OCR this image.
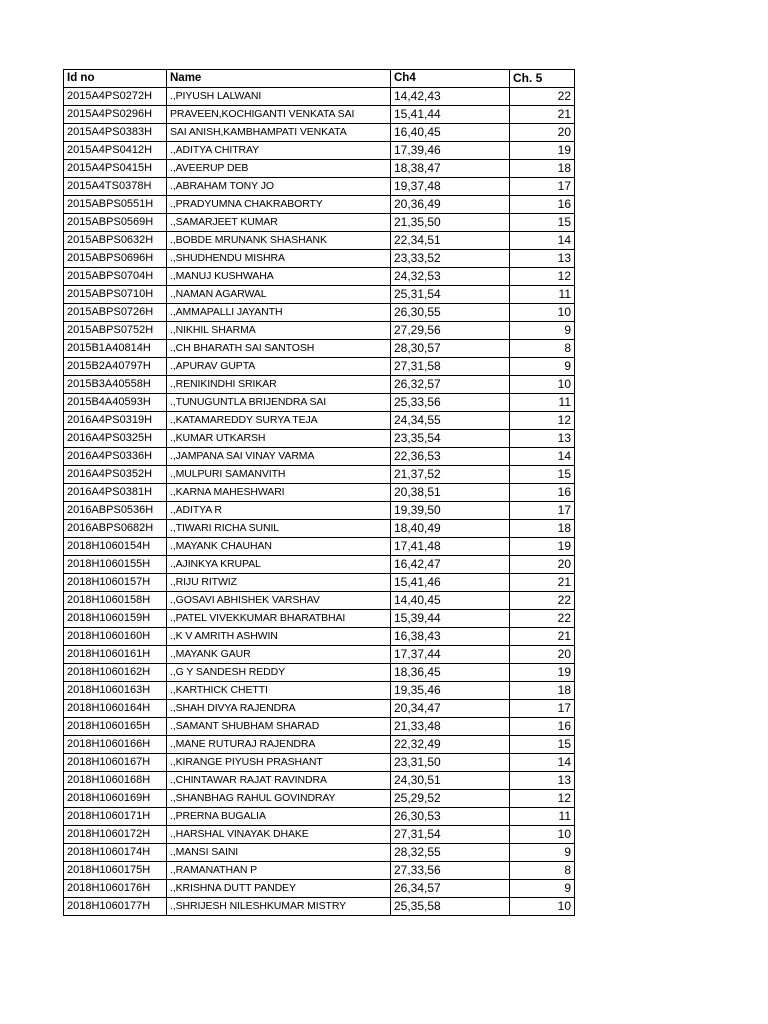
Id no	Name	Ch4	Ch. 5
2015A4PS0272H	.,PIYUSH LALWANI	14,42,43	22
2015A4PS0296H	PRAVEEN,KOCHIGANTI VENKATA SAI	15,41,44	21
2015A4PS0383H	SAI ANISH,KAMBHAMPATI VENKATA	16,40,45	20
2015A4PS0412H	.,ADITYA CHITRAY	17,39,46	19
2015A4PS0415H	.,AVEERUP DEB	18,38,47	18
2015A4TS0378H	.,ABRAHAM TONY JO	19,37,48	17
2015ABPS0551H	.,PRADYUMNA CHAKRABORTY	20,36,49	16
2015ABPS0569H	.,SAMARJEET KUMAR	21,35,50	15
2015ABPS0632H	.,BOBDE MRUNANK SHASHANK	22,34,51	14
2015ABPS0696H	.,SHUDHENDU MISHRA	23,33,52	13
2015ABPS0704H	.,MANUJ KUSHWAHA	24,32,53	12
2015ABPS0710H	.,NAMAN AGARWAL	25,31,54	11
2015ABPS0726H	.,AMMAPALLI JAYANTH	26,30,55	10
2015ABPS0752H	.,NIKHIL SHARMA	27,29,56	9
2015B1A40814H	.,CH BHARATH SAI SANTOSH	28,30,57	8
2015B2A40797H	.,APURAV GUPTA	27,31,58	9
2015B3A40558H	.,RENIKINDHI SRIKAR	26,32,57	10
2015B4A40593H	.,TUNUGUNTLA BRIJENDRA SAI	25,33,56	11
2016A4PS0319H	.,KATAMAREDDY SURYA TEJA	24,34,55	12
2016A4PS0325H	.,KUMAR UTKARSH	23,35,54	13
2016A4PS0336H	.,JAMPANA SAI VINAY VARMA	22,36,53	14
2016A4PS0352H	.,MULPURI SAMANVITH	21,37,52	15
2016A4PS0381H	.,KARNA MAHESHWARI	20,38,51	16
2016ABPS0536H	.,ADITYA R	19,39,50	17
2016ABPS0682H	.,TIWARI RICHA SUNIL	18,40,49	18
2018H1060154H	.,MAYANK CHAUHAN	17,41,48	19
2018H1060155H	.,AJINKYA KRUPAL	16,42,47	20
2018H1060157H	.,RIJU RITWIZ	15,41,46	21
2018H1060158H	.,GOSAVI ABHISHEK VARSHAV	14,40,45	22
2018H1060159H	.,PATEL VIVEKKUMAR BHARATBHAI	15,39,44	22
2018H1060160H	.,K V AMRITH ASHWIN	16,38,43	21
2018H1060161H	.,MAYANK GAUR	17,37,44	20
2018H1060162H	.,G Y SANDESH REDDY	18,36,45	19
2018H1060163H	.,KARTHICK CHETTI	19,35,46	18
2018H1060164H	.,SHAH DIVYA RAJENDRA	20,34,47	17
2018H1060165H	.,SAMANT SHUBHAM SHARAD	21,33,48	16
2018H1060166H	.,MANE RUTURAJ RAJENDRA	22,32,49	15
2018H1060167H	.,KIRANGE PIYUSH PRASHANT	23,31,50	14
2018H1060168H	.,CHINTAWAR RAJAT RAVINDRA	24,30,51	13
2018H1060169H	.,SHANBHAG RAHUL GOVINDRAY	25,29,52	12
2018H1060171H	.,PRERNA BUGALIA	26,30,53	11
2018H1060172H	.,HARSHAL VINAYAK DHAKE	27,31,54	10
2018H1060174H	.,MANSI SAINI	28,32,55	9
2018H1060175H	.,RAMANATHAN P	27,33,56	8
2018H1060176H	.,KRISHNA DUTT PANDEY	26,34,57	9
2018H1060177H	.,SHRIJESH NILESHKUMAR MISTRY	25,35,58	10
